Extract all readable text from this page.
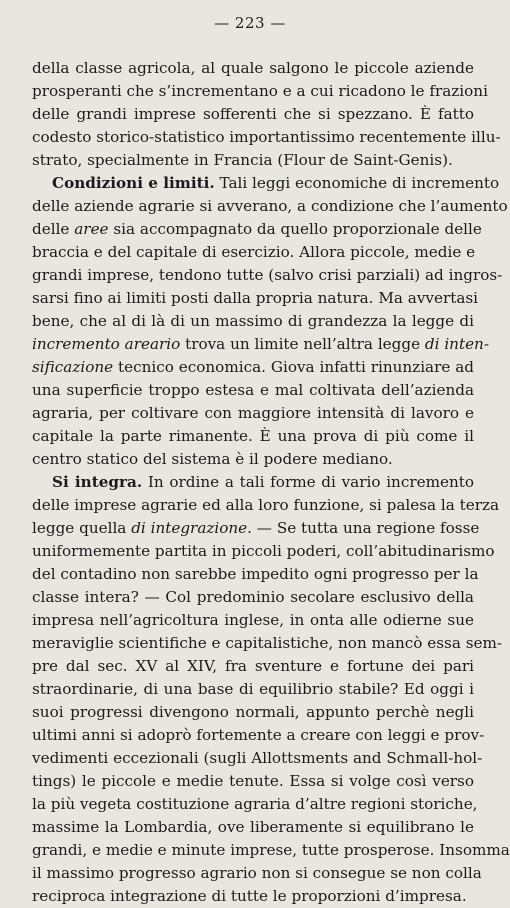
— 223 —
della classe agricola, al quale salgono le piccole aziende
prosperanti che s’incrementano e a cui ricadono le frazioni
delle grandi imprese sofferenti che si spezzano. È fatto
codesto storico-statistico importantissimo recentemente illu-
strato, specialmente in Francia (Flour de Saint-Genis).
Condizioni e limiti. Tali leggi economiche di incremento
delle aziende agrarie si avverano, a condizione che l’aumento
delle aree sia accompagnato da quello proporzionale delle
braccia e del capitale di esercizio. Allora piccole, medie e
grandi imprese, tendono tutte (salvo crisi parziali) ad ingros-
sarsi fino ai limiti posti dalla propria natura. Ma avvertasi
bene, che al di là di un massimo di grandezza la legge di
incremento areario trova un limite nell’altra legge di inten-
sificazione tecnico economica. Giova infatti rinunziare ad
una superficie troppo estesa e mal coltivata dell’azienda
agraria, per coltivare con maggiore intensità di lavoro e
capitale la parte rimanente. È una prova di più come il
centro statico del sistema è il podere mediano.
Si integra. In ordine a tali forme di vario incremento
delle imprese agrarie ed alla loro funzione, si palesa la terza
legge quella di integrazione. — Se tutta una regione fosse
uniformemente partita in piccoli poderi, coll’abitudinarismo
del contadino non sarebbe impedito ogni progresso per la
classe intera? — Col predominio secolare esclusivo della
impresa nell’agricoltura inglese, in onta alle odierne sue
meraviglie scientifiche e capitalistiche, non mancò essa sem-
pre dal sec. XV al XIV, fra sventure e fortune dei pari
straordinarie, di una base di equilibrio stabile? Ed oggi i
suoi progressi divengono normali, appunto perchè negli
ultimi anni si adoprò fortemente a creare con leggi e prov-
vedimenti eccezionali (sugli Allottsments and Schmall-hol-
tings) le piccole e medie tenute. Essa si volge così verso
la più vegeta costituzione agraria d’altre regioni storiche,
massime la Lombardia, ove liberamente si equilibrano le
grandi, e medie e minute imprese, tutte prosperose. Insomma
il massimo progresso agrario non si consegue se non colla
reciproca integrazione di tutte le proporzioni d’impresa.
